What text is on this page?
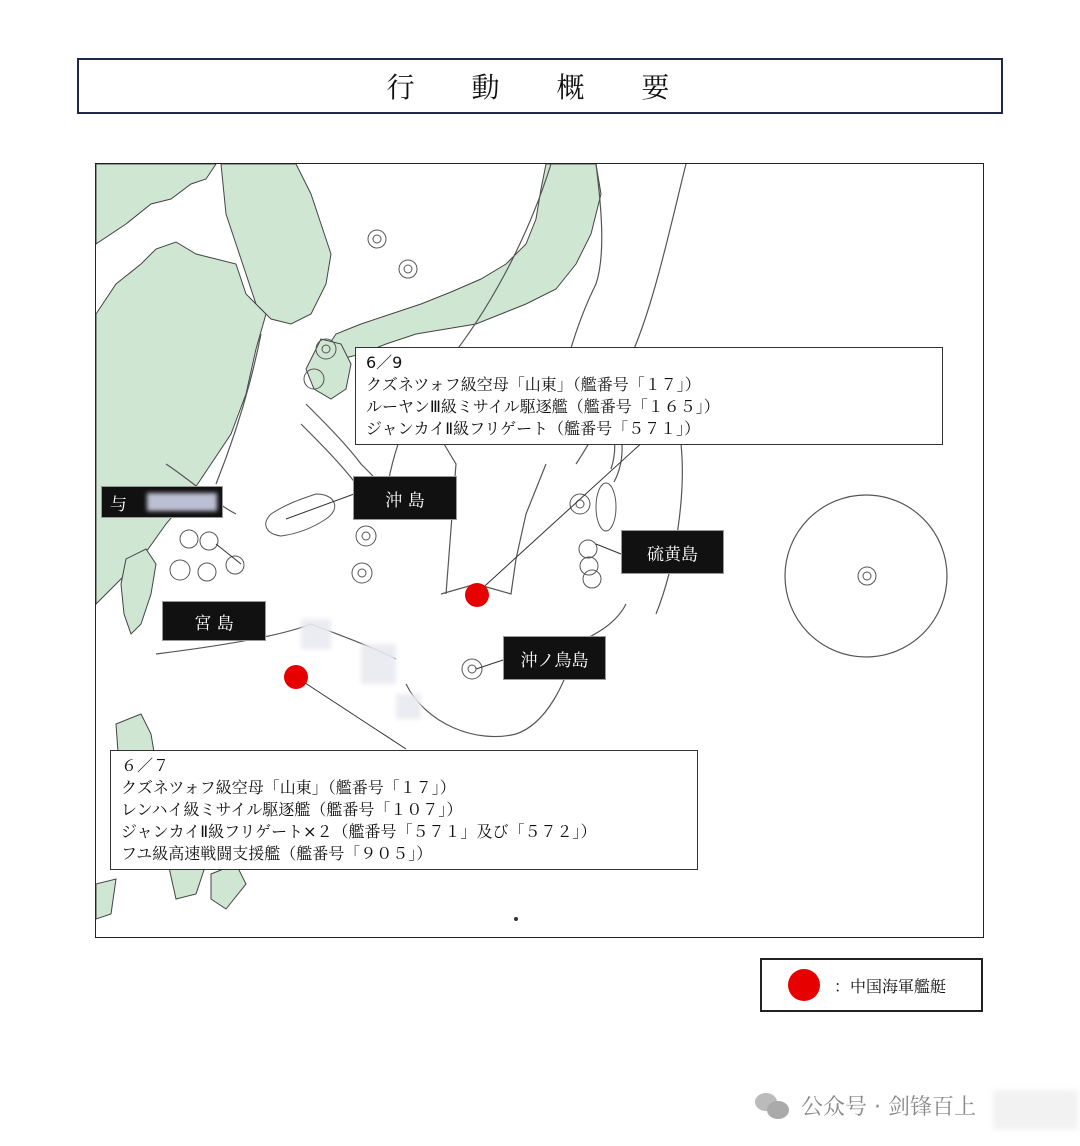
行 動 概 要
6／9
クズネツォフ級空母「山東」（艦番号「１７」）
ルーヤンⅢ級ミサイル駆逐艦（艦番号「１６５」）
ジャンカイⅡ級フリゲート（艦番号「５７１」）
６／７
クズネツォフ級空母「山東」（艦番号「１７」）
レンハイ級ミサイル駆逐艦（艦番号「１０７」）
ジャンカイⅡ級フリゲート×２（艦番号「５７１」及び「５７２」）
フユ級高速戦闘支援艦（艦番号「９０５」）
沖 島
硫黄島
沖ノ鳥島
与
宮 島
：中国海軍艦艇
公众号 · 剑锋百上
